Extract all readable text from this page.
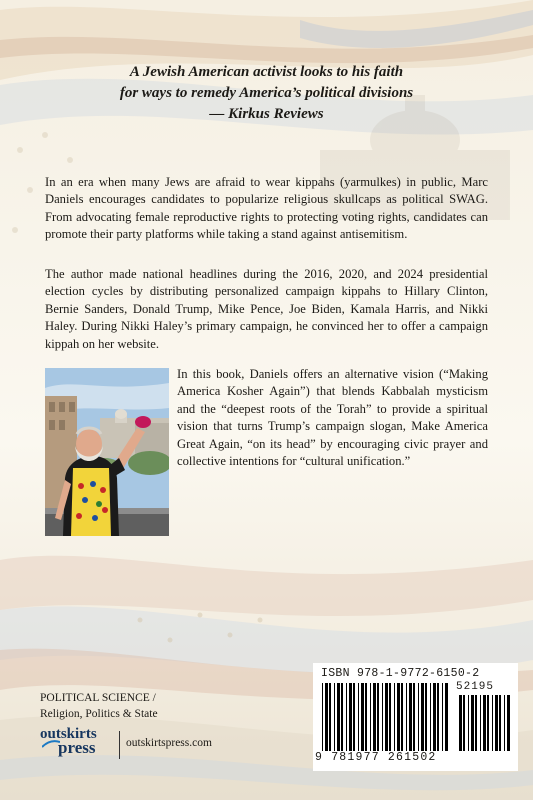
A Jewish American activist looks to his faith
for ways to remedy America’s political divisions
— Kirkus Reviews
In an era when many Jews are afraid to wear kippahs (yarmulkes) in public, Marc Daniels encourages candidates to popularize religious skullcaps as political SWAG. From advocating female reproductive rights to protecting voting rights, candidates can promote their party platforms while taking a stand against antisemitism.
The author made national headlines during the 2016, 2020, and 2024 presidential election cycles by distributing personalized campaign kippahs to Hillary Clinton, Bernie Sanders, Donald Trump, Mike Pence, Joe Biden, Kamala Harris, and Nikki Haley. During Nikki Haley’s primary campaign, he convinced her to offer a campaign kippah on her website.
In this book, Daniels offers an alternative vision (“Making America Kosher Again”) that blends Kabbalah mysticism and the “deepest roots of the Torah” to provide a spiritual vision that turns Trump’s campaign slogan, Make America Great Again, “on its head” by encouraging civic prayer and collective intentions for “cultural unification.”
POLITICAL SCIENCE /
Religion, Politics & State
outskirts
press	outskirtspress.com
ISBN 978-1-9772-6150-2
52195
9 781977 261502
